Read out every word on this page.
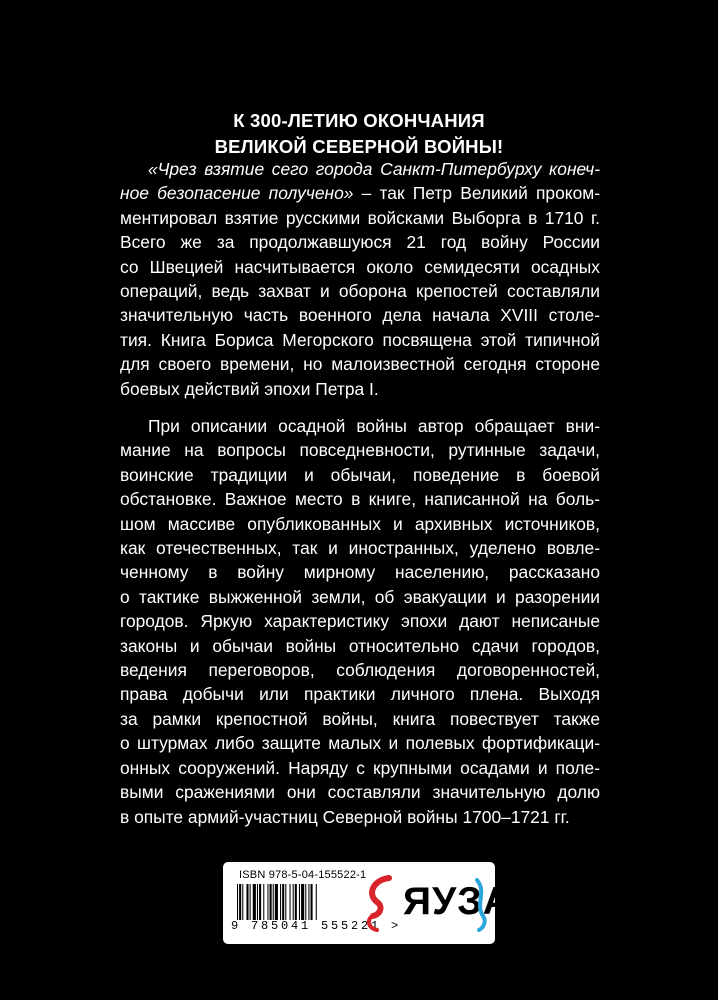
К 300-ЛЕТИЮ ОКОНЧАНИЯ
ВЕЛИКОЙ СЕВЕРНОЙ ВОЙНЫ!
«Чрез взятие сего города Санкт-Питербурху конеч-
ное безопасение получено» – так Петр Великий проком-
ментировал взятие русскими войсками Выборга в 1710 г.
Всего же за продолжавшуюся 21 год войну России
со Швецией насчитывается около семидесяти осадных
операций, ведь захват и оборона крепостей составляли
значительную часть военного дела начала XVIII столе-
тия. Книга Бориса Мегорского посвящена этой типичной
для своего времени, но малоизвестной сегодня стороне
боевых действий эпохи Петра I.
При описании осадной войны автор обращает вни-
мание на вопросы повседневности, рутинные задачи,
воинские традиции и обычаи, поведение в боевой
обстановке. Важное место в книге, написанной на боль-
шом массиве опубликованных и архивных источников,
как отечественных, так и иностранных, уделено вовле-
ченному в войну мирному населению, рассказано
о тактике выжженной земли, об эвакуации и разорении
городов. Яркую характеристику эпохи дают неписаные
законы и обычаи войны относительно сдачи городов,
ведения переговоров, соблюдения договоренностей,
права добычи или практики личного плена. Выходя
за рамки крепостной войны, книга повествует также
о штурмах либо защите малых и полевых фортификаци-
онных сооружений. Наряду с крупными осадами и поле-
выми сражениями они составляли значительную долю
в опыте армий-участниц Северной войны 1700–1721 гг.
ISBN 978-5-04-155522-1
9 785041 555221 >
ЯУЗА
